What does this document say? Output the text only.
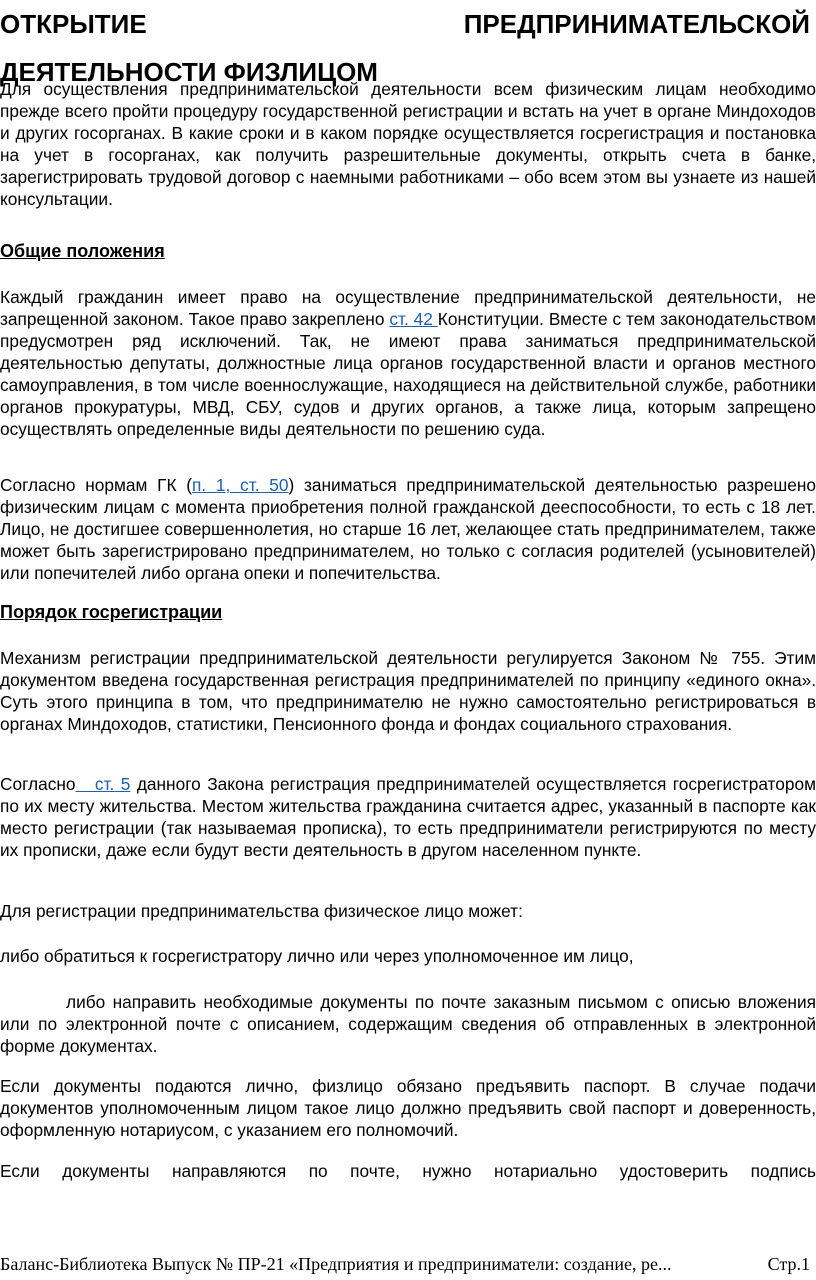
ОТКРЫТИЕ	ПРЕДПРИНИМАТЕЛЬСКОЙ
ДЕЯТЕЛЬНОСТИ ФИЗЛИЦОМ

Для осуществления предпринимательской деятельности всем физическим лицам необходимо прежде всего пройти процедуру государственной регистрации и встать на учет в органе Миндоходов и других госорганах. В какие сроки и в каком порядке осуществляется госрегистрация и постановка на учет в госорганах, как получить разрешительные документы, открыть счета в банке, зарегистрировать трудовой договор с наемными работниками – обо всем этом вы узнаете из нашей консультации.

Общие положения

Каждый гражданин имеет право на осуществление предпринимательской деятельности, не запрещенной законом. Такое право закреплено ст. 42 Конституции. Вместе с тем законодательством предусмотрен ряд исключений. Так, не имеют права заниматься предпринимательской деятельностью депутаты, должностные лица органов государственной власти и органов местного самоуправления, в том числе военнослужащие, находящиеся на действительной службе, работники органов прокуратуры, МВД, СБУ, судов и других органов, а также лица, которым запрещено осуществлять определенные виды деятельности по решению суда.

Согласно нормам ГК (п. 1, ст. 50) заниматься предпринимательской деятельностью разрешено физическим лицам с момента приобретения полной гражданской дееспособности, то есть с 18 лет. Лицо, не достигшее совершеннолетия, но старше 16 лет, желающее стать предпринимателем, также может быть зарегистрировано предпринимателем, но только с согласия родителей (усыновителей) или попечителей либо органа опеки и попечительства.

Порядок госрегистрации

Механизм регистрации предпринимательской деятельности регулируется Законом № 755. Этим документом введена государственная регистрация предпринимателей по принципу «единого окна». Суть этого принципа в том, что предпринимателю не нужно самостоятельно регистрироваться в органах Миндоходов, статистики, Пенсионного фонда и фондах социального страхования.

Согласно   ст. 5 данного Закона регистрация предпринимателей осуществляется госрегистратором по их месту жительства. Местом жительства гражданина считается адрес, указанный в паспорте как место регистрации (так называемая прописка), то есть предприниматели регистрируются по месту их прописки, даже если будут вести деятельность в другом населенном пункте.

Для регистрации предпринимательства физическое лицо может:

либо обратиться к госрегистратору лично или через уполномоченное им лицо,

либо направить необходимые документы по почте заказным письмом с описью вложения или по электронной почте с описанием, содержащим сведения об отправленных в электронной форме документах.

Если документы подаются лично, физлицо обязано предъявить паспорт. В случае подачи документов уполномоченным лицом такое лицо должно предъявить свой паспорт и доверенность, оформленную нотариусом, с указанием его полномочий.

Если документы направляются по почте, нужно нотариально удостоверить подпись

Баланс-Библиотека Выпуск № ПР-21 «Предприятия и предприниматели: создание, ре...	Стр.1
